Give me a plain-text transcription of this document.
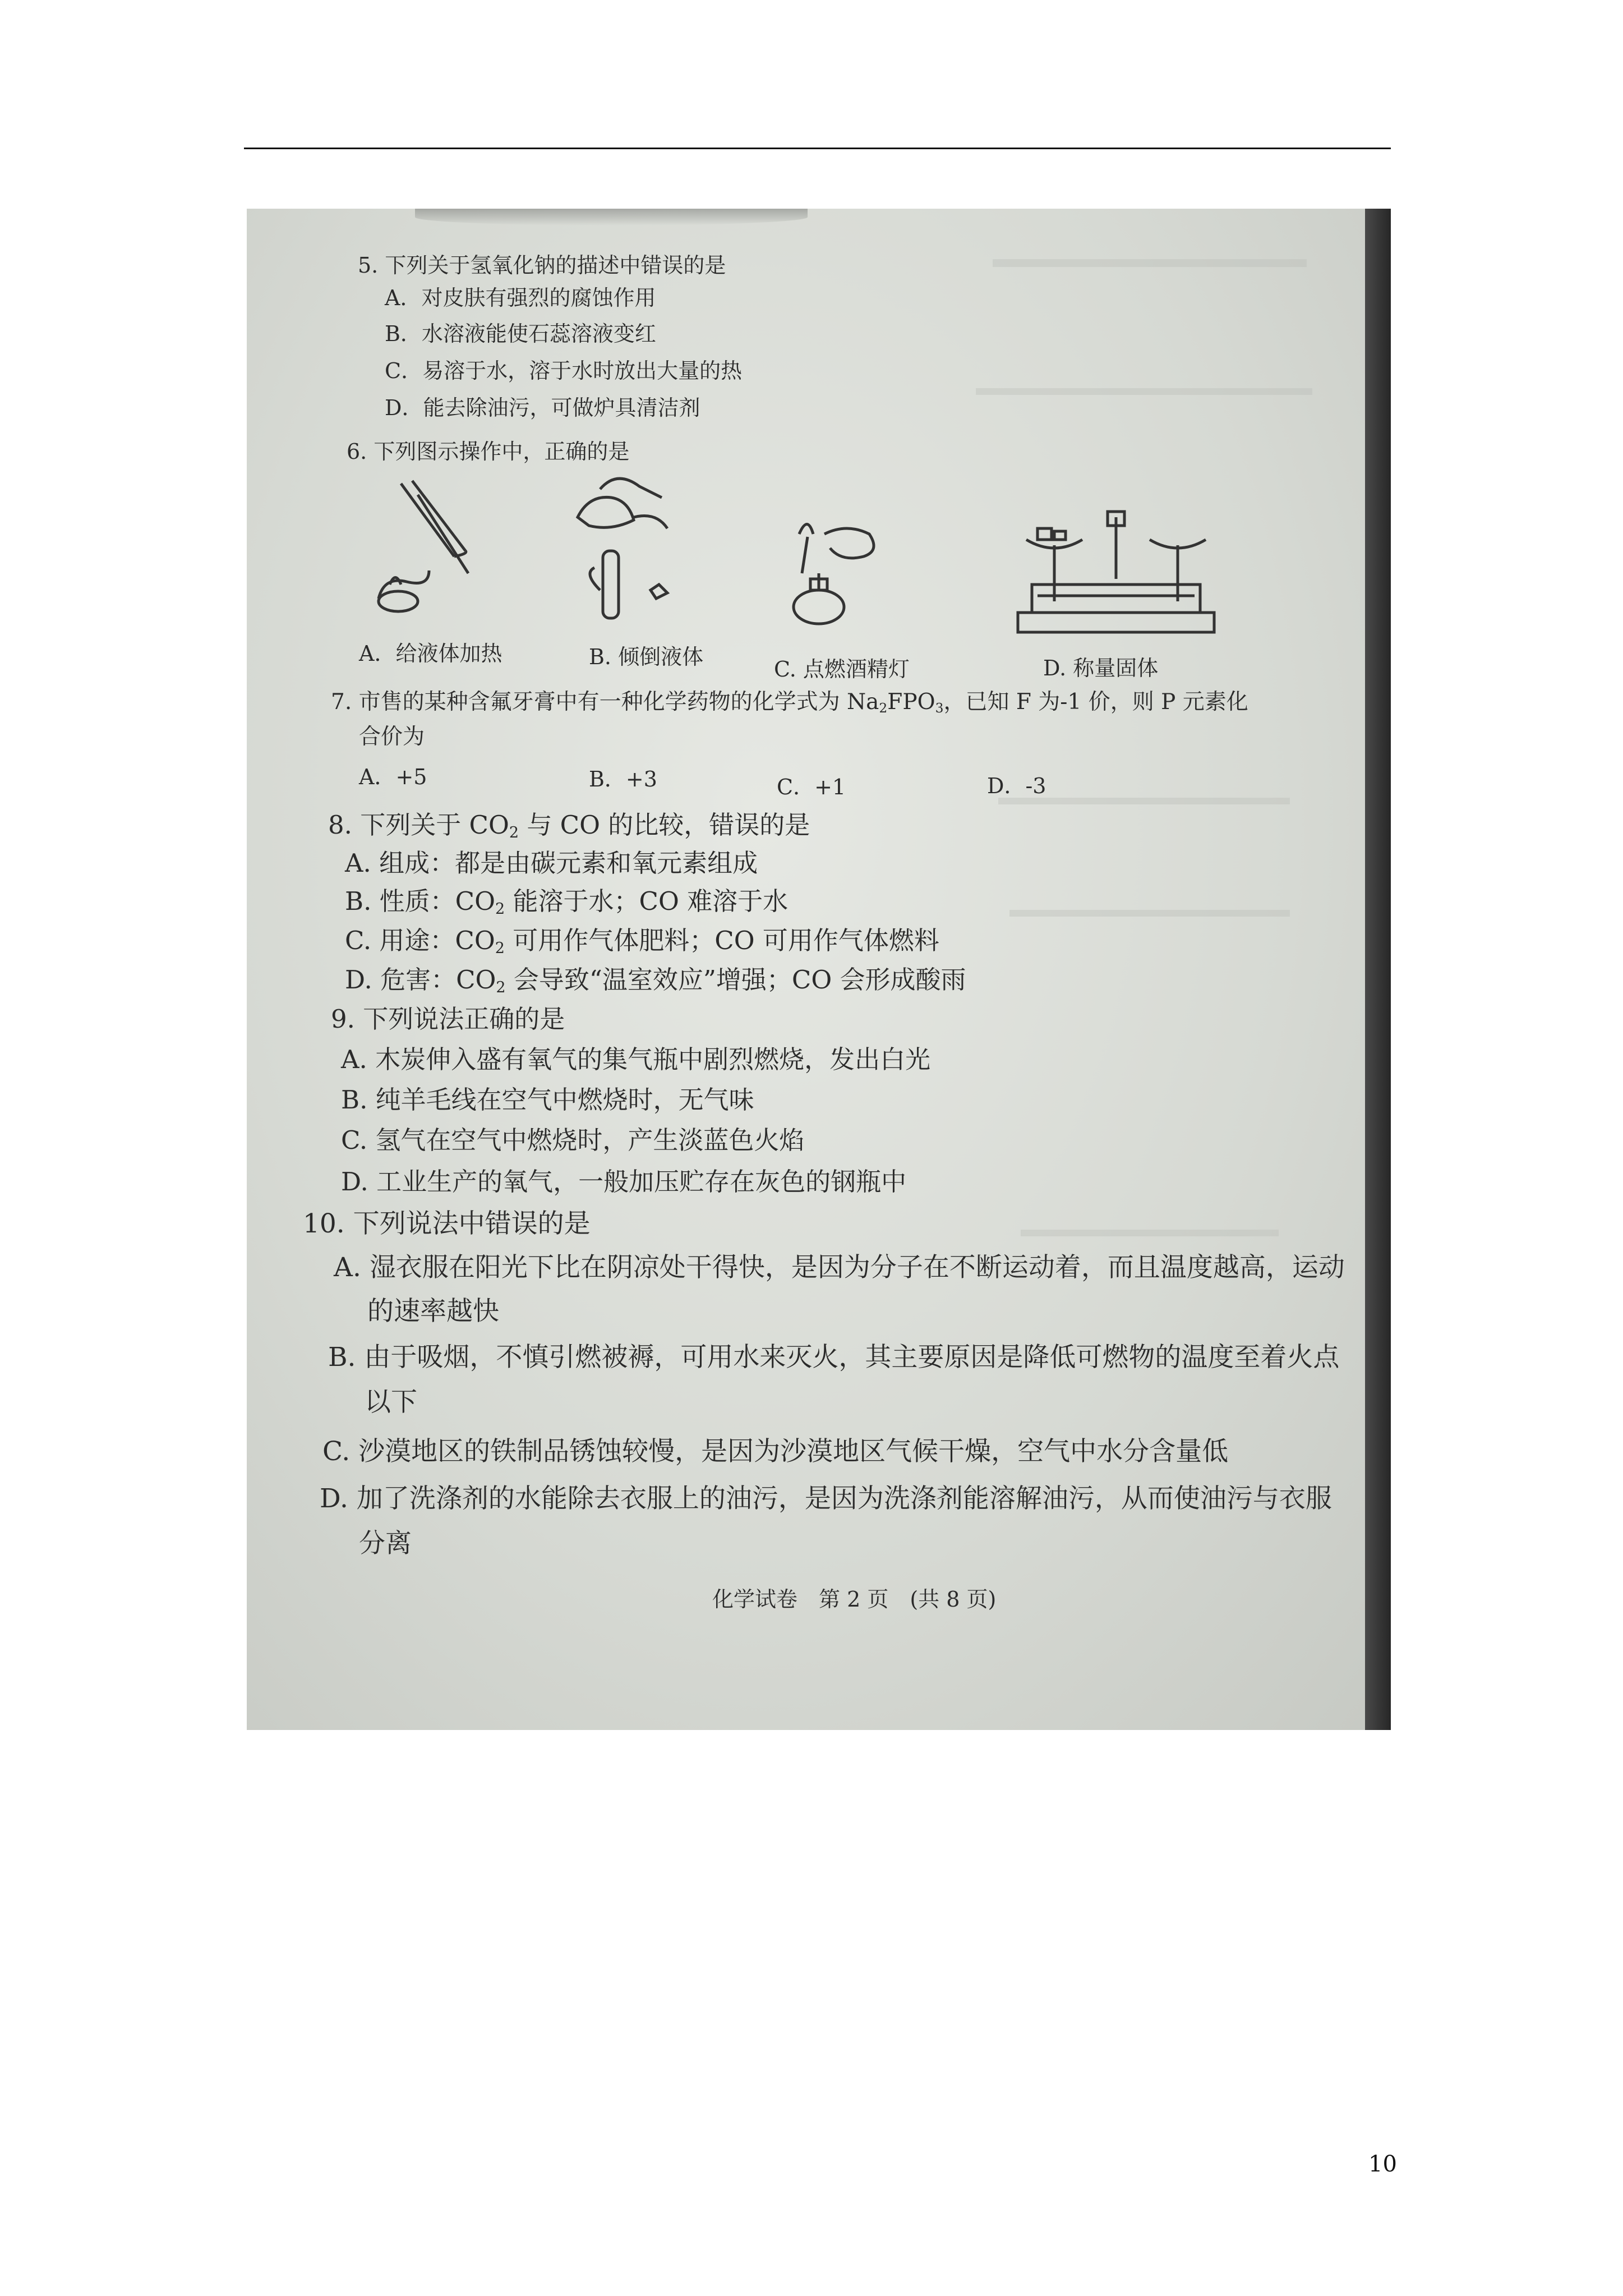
5. 下列关于氢氧化钠的描述中错误的是
A．对皮肤有强烈的腐蚀作用
B．水溶液能使石蕊溶液变红
C．易溶于水，溶于水时放出大量的热
D．能去除油污，可做炉具清洁剂
6. 下列图示操作中，正确的是
A．给液体加热	B. 倾倒液体	C. 点燃酒精灯	D. 称量固体
7. 市售的某种含氟牙膏中有一种化学药物的化学式为 $Na_2FPO_3$，已知 F 为-1 价，则 P 元素化
合价为
A．+5	B．+3	C．+1	D．-3
8. 下列关于 $CO_2$ 与 CO 的比较，错误的是
A. 组成：都是由碳元素和氧元素组成
B. 性质：$CO_2$ 能溶于水；CO 难溶于水
C. 用途：$CO_2$ 可用作气体肥料；CO 可用作气体燃料
D. 危害：$CO_2$ 会导致“温室效应”增强；CO 会形成酸雨
9. 下列说法正确的是
A. 木炭伸入盛有氧气的集气瓶中剧烈燃烧，发出白光
B. 纯羊毛线在空气中燃烧时，无气味
C. 氢气在空气中燃烧时，产生淡蓝色火焰
D. 工业生产的氧气，一般加压贮存在灰色的钢瓶中
10. 下列说法中错误的是
A. 湿衣服在阳光下比在阴凉处干得快，是因为分子在不断运动着，而且温度越高，运动
的速率越快
B. 由于吸烟，不慎引燃被褥，可用水来灭火，其主要原因是降低可燃物的温度至着火点
以下
C. 沙漠地区的铁制品锈蚀较慢，是因为沙漠地区气候干燥，空气中水分含量低
D. 加了洗涤剂的水能除去衣服上的油污，是因为洗涤剂能溶解油污，从而使油污与衣服
分离
化学试卷　第 2 页　(共 8 页)
10
